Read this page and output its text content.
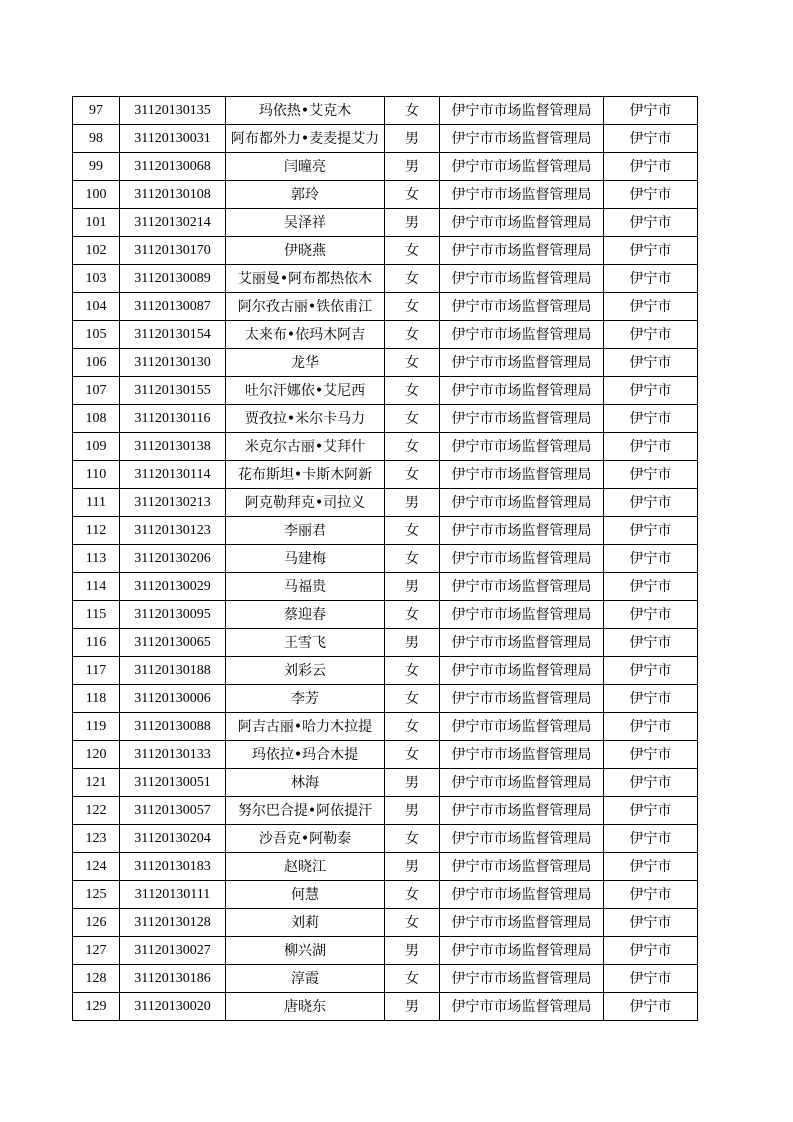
97	31120130135	玛依热•艾克木	女	伊宁市市场监督管理局	伊宁市
98	31120130031	阿布都外力•麦麦提艾力	男	伊宁市市场监督管理局	伊宁市
99	31120130068	闫曈亮	男	伊宁市市场监督管理局	伊宁市
100	31120130108	郭玲	女	伊宁市市场监督管理局	伊宁市
101	31120130214	吴泽祥	男	伊宁市市场监督管理局	伊宁市
102	31120130170	伊晓燕	女	伊宁市市场监督管理局	伊宁市
103	31120130089	艾丽曼•阿布都热依木	女	伊宁市市场监督管理局	伊宁市
104	31120130087	阿尔孜古丽•铁依甫江	女	伊宁市市场监督管理局	伊宁市
105	31120130154	太来布•依玛木阿吉	女	伊宁市市场监督管理局	伊宁市
106	31120130130	龙华	女	伊宁市市场监督管理局	伊宁市
107	31120130155	吐尔汗娜依•艾尼西	女	伊宁市市场监督管理局	伊宁市
108	31120130116	贾孜拉•米尔卡马力	女	伊宁市市场监督管理局	伊宁市
109	31120130138	米克尔古丽•艾拜什	女	伊宁市市场监督管理局	伊宁市
110	31120130114	花布斯坦•卡斯木阿新	女	伊宁市市场监督管理局	伊宁市
111	31120130213	阿克勒拜克•司拉义	男	伊宁市市场监督管理局	伊宁市
112	31120130123	李丽君	女	伊宁市市场监督管理局	伊宁市
113	31120130206	马建梅	女	伊宁市市场监督管理局	伊宁市
114	31120130029	马福贵	男	伊宁市市场监督管理局	伊宁市
115	31120130095	蔡迎春	女	伊宁市市场监督管理局	伊宁市
116	31120130065	王雪飞	男	伊宁市市场监督管理局	伊宁市
117	31120130188	刘彩云	女	伊宁市市场监督管理局	伊宁市
118	31120130006	李芳	女	伊宁市市场监督管理局	伊宁市
119	31120130088	阿吉古丽•哈力木拉提	女	伊宁市市场监督管理局	伊宁市
120	31120130133	玛依拉•玛合木提	女	伊宁市市场监督管理局	伊宁市
121	31120130051	林海	男	伊宁市市场监督管理局	伊宁市
122	31120130057	努尔巴合提•阿依提汗	男	伊宁市市场监督管理局	伊宁市
123	31120130204	沙吾克•阿勒泰	女	伊宁市市场监督管理局	伊宁市
124	31120130183	赵晓江	男	伊宁市市场监督管理局	伊宁市
125	31120130111	何慧	女	伊宁市市场监督管理局	伊宁市
126	31120130128	刘莉	女	伊宁市市场监督管理局	伊宁市
127	31120130027	柳兴湖	男	伊宁市市场监督管理局	伊宁市
128	31120130186	淳霞	女	伊宁市市场监督管理局	伊宁市
129	31120130020	唐晓东	男	伊宁市市场监督管理局	伊宁市
